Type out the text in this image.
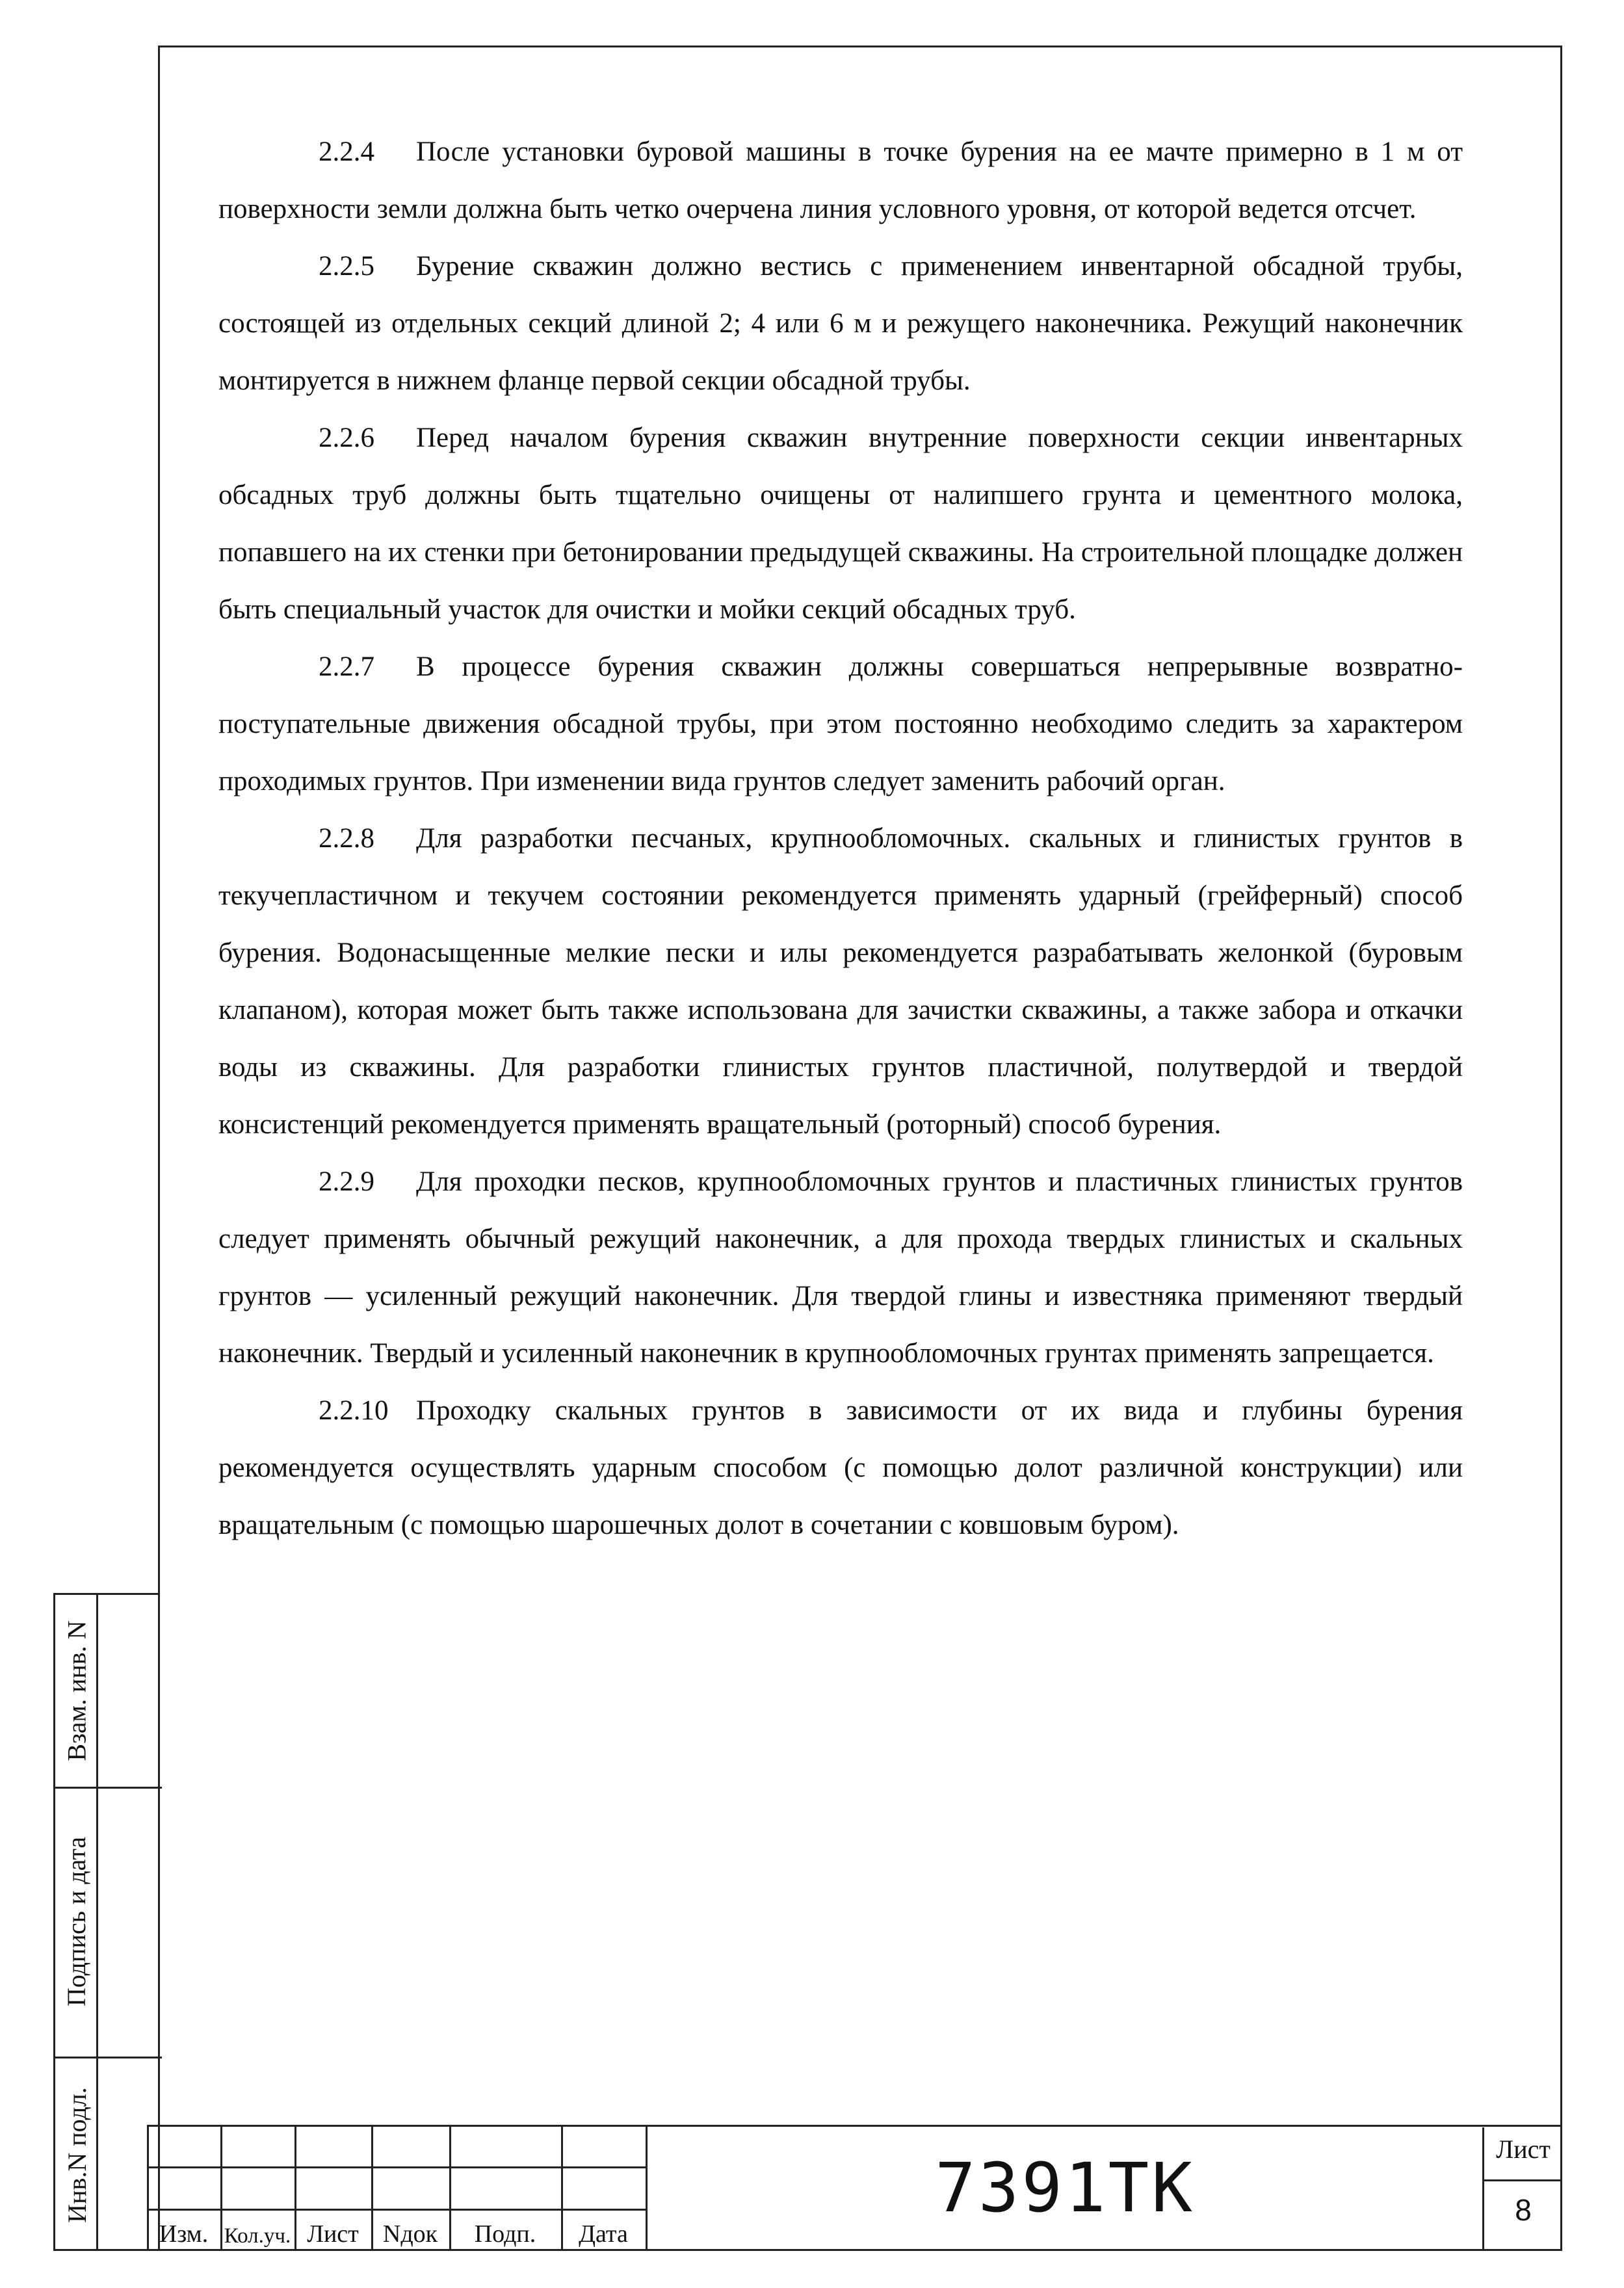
2.2.4 После установки буровой машины в точке бурения на ее мачте примерно в 1 м от поверхности земли должна быть четко очерчена линия условного уровня, от которой ведется отсчет.

2.2.5 Бурение скважин должно вестись с применением инвентарной обсадной трубы, состоящей из отдельных секций длиной 2; 4 или 6 м и режущего наконечника. Режущий наконечник монтируется в нижнем фланце первой секции обсадной трубы.

2.2.6 Перед началом бурения скважин внутренние поверхности секции инвентарных обсадных труб должны быть тщательно очищены от налипшего грунта и цементного молока, попавшего на их стенки при бетонировании предыдущей скважины. На строительной площадке должен быть специальный участок для очистки и мойки секций обсадных труб.

2.2.7 В процессе бурения скважин должны совершаться непрерывные возвратно-поступательные движения обсадной трубы, при этом постоянно необходимо следить за характером проходимых грунтов. При изменении вида грунтов следует заменить рабочий орган.

2.2.8 Для разработки песчаных, крупнообломочных. скальных и глинистых грунтов в текучепластичном и текучем состоянии рекомендуется применять ударный (грейферный) способ бурения. Водонасыщенные мелкие пески и илы рекомендуется разрабатывать желонкой (буровым клапаном), которая может быть также использована для зачистки скважины, а также забора и откачки воды из скважины. Для разработки глинистых грунтов пластичной, полутвердой и твердой консистенций рекомендуется применять вращательный (роторный) способ бурения.

2.2.9 Для проходки песков, крупнообломочных грунтов и пластичных глинистых грунтов следует применять обычный режущий наконечник, а для прохода твердых глинистых и скальных грунтов — усиленный режущий наконечник. Для твердой глины и известняка применяют твердый наконечник. Твердый и усиленный наконечник в крупнообломочных грунтах применять запрещается.

2.2.10 Проходку скальных грунтов в зависимости от их вида и глубины бурения рекомендуется осуществлять ударным способом (с помощью долот различной конструкции) или вращательным (с помощью шарошечных долот в сочетании с ковшовым буром).

Взам. инв. N
Подпись и дата
Инв.N подл.
Изм. Кол.уч. Лист Nдок	Подп.	Дата
7391ТК	Лист
8
